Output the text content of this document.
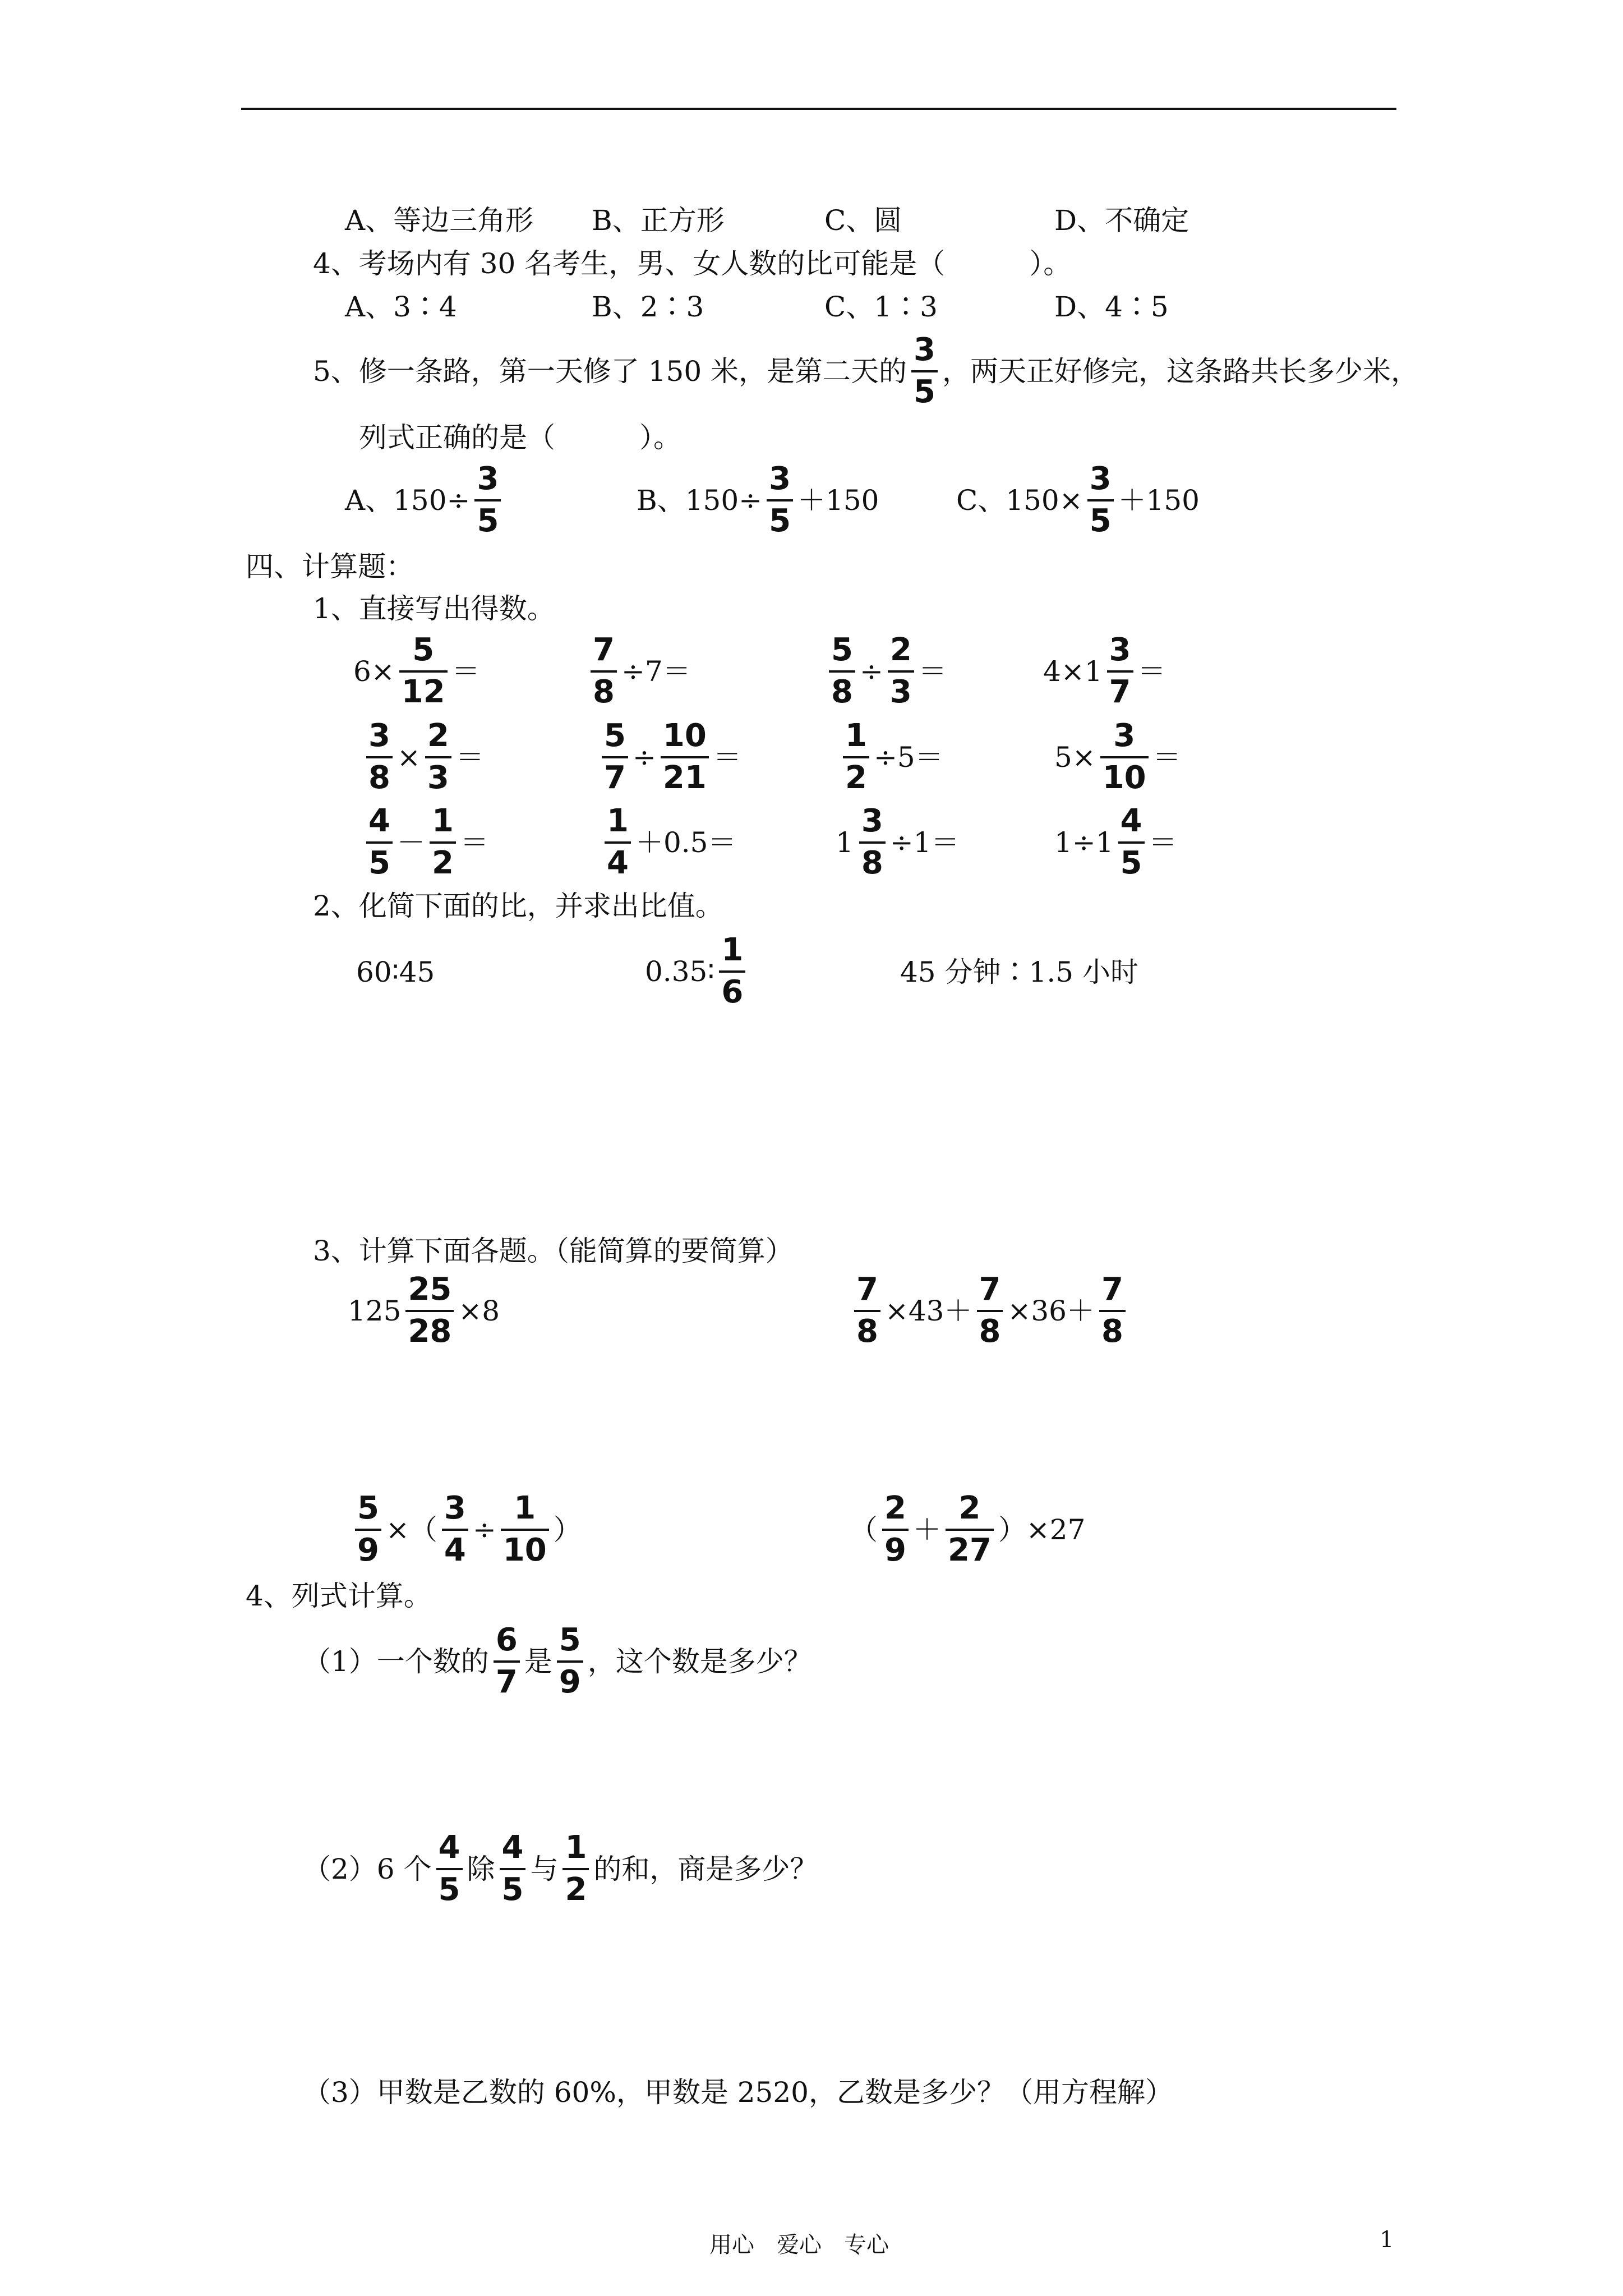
A、等边三角形 B、正方形	C、圆	D、不确定
4、考场内有 30 名考生，男、女人数的比可能是（　　　）。
A、3∶4	B、2∶3	C、1∶3	D、4∶5
5、修一条路，第一天修了 150 米，是第二天的 $\frac{3}{5}$ ，两天正好修完，这条路共长多少米，
列式正确的是（　　　）。
A、$150\div \frac{3}{5}$	B、$150\div \frac{3}{5} +150$	C、$150\times \frac{3}{5} +150$
四、计算题：
1、直接写出得数。
$6\times \frac{5}{12}$ ＝	$\frac{7}{8} \div 7=$	$\frac{5}{8} \div \frac{2}{3}$ ＝	$4\times 1 \frac{3}{7}$ ＝
$\frac{3}{8} \times \frac{2}{3}$ ＝	$\frac{5}{7} \div \frac{10}{21}$ ＝	$\frac{1}{2} \div 5=$	$5\times \frac{3}{10}$ ＝
$\frac{4}{5} - \frac{1}{2}$ ＝	$\frac{1}{4} +0.5=$	$1 \frac{3}{8} \div 1=$	$1\div 1 \frac{4}{5}$ ＝
2、化简下面的比，并求出比值。
60∶45	0.35∶ $\frac{1}{6}$	45 分钟∶1.5 小时
3、计算下面各题。（能简算的要简算）
$125 \frac{25}{28} \times 8$	$\frac{7}{8} \times 43+ \frac{7}{8} \times 36+ \frac{7}{8}$
$\frac{5}{9}$ ×（ $\frac{3}{4} \div \frac{1}{10}$ ）	（ $\frac{2}{9} + \frac{2}{27} )\times 27$
4、列式计算。
（1）一个数的 $\frac{6}{7}$ 是 $\frac{5}{9}$ ，这个数是多少？
（2）6 个 $\frac{4}{5}$ 除 $\frac{4}{5}$ 与 $\frac{1}{2}$ 的和，商是多少？
（3）甲数是乙数的 60%，甲数是 2520，乙数是多少？（用方程解）
用心　爱心　专心	1
